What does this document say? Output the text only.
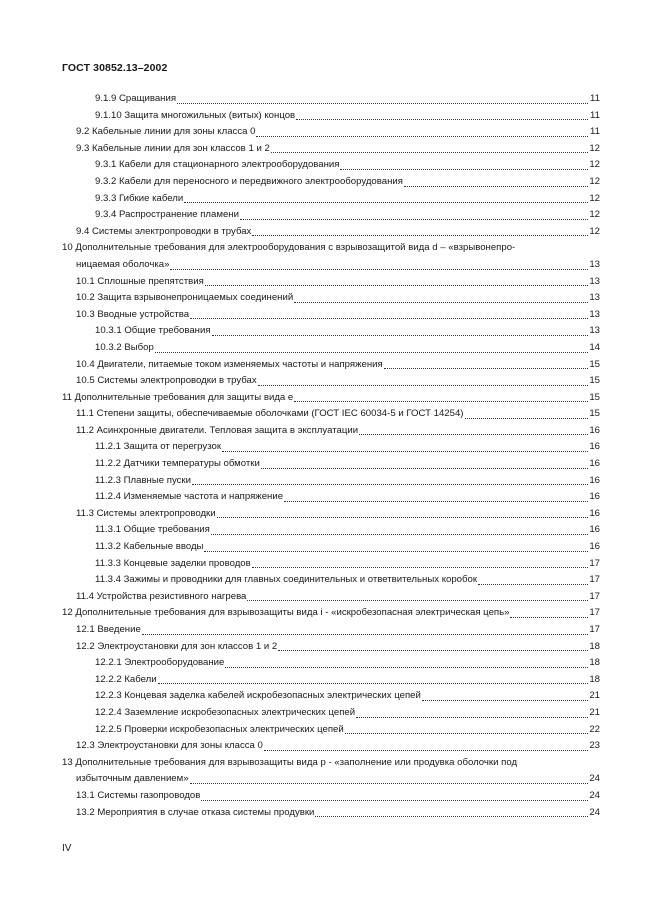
ГОСТ 30852.13–2002
9.1.9 Сращивания	11
9.1.10 Защита многожильных (витых) концов	11
9.2 Кабельные линии для зоны класса 0	11
9.3 Кабельные линии для зон классов 1 и 2	12
9.3.1 Кабели для стационарного электрооборудования	12
9.3.2 Кабели для переносного и передвижного электрооборудования	12
9.3.3 Гибкие кабели	12
9.3.4 Распространение пламени	12
9.4 Системы электропроводки в трубах	12
10 Дополнительные требования для электрооборудования с взрывозащитой вида d – «взрывонепро-
ницаемая оболочка»	13
10.1 Сплошные препятствия	13
10.2 Защита взрывонепроницаемых соединений	13
10.3 Вводные устройства	13
10.3.1 Общие требования	13
10.3.2 Выбор	14
10.4 Двигатели, питаемые током изменяемых частоты и напряжения	15
10.5 Системы электропроводки в трубах	15
11 Дополнительные требования для защиты вида e	15
11.1 Степени защиты, обеспечиваемые оболочками (ГОСТ IEC 60034-5 и ГОСТ 14254)	15
11.2 Асинхронные двигатели. Тепловая защита в эксплуатации	16
11.2.1 Защита от перегрузок	16
11.2.2 Датчики температуры обмотки	16
11.2.3 Плавные пуски	16
11.2.4 Изменяемые частота и напряжение	16
11.3 Системы электропроводки	16
11.3.1 Общие требования	16
11.3.2 Кабельные вводы	16
11.3.3 Концевые заделки проводов	17
11.3.4 Зажимы и проводники для главных соединительных и ответвительных коробок	17
11.4 Устройства резистивного нагрева	17
12 Дополнительные требования для взрывозащиты вида i - «искробезопасная электрическая цепь»	17
12.1 Введение	17
12.2 Электроустановки для зон классов 1 и 2	18
12.2.1 Электрооборудование	18
12.2.2 Кабели	18
12.2.3 Концевая заделка кабелей искробезопасных электрических цепей	21
12.2.4 Заземление искробезопасных электрических цепей	21
12.2.5 Проверки искробезопасных электрических цепей	22
12.3 Электроустановки для зоны класса 0	23
13 Дополнительные требования для взрывозащиты вида p - «заполнение или продувка оболочки под
избыточным давлением»	24
13.1 Системы газопроводов	24
13.2 Мероприятия в случае отказа системы продувки	24
IV
